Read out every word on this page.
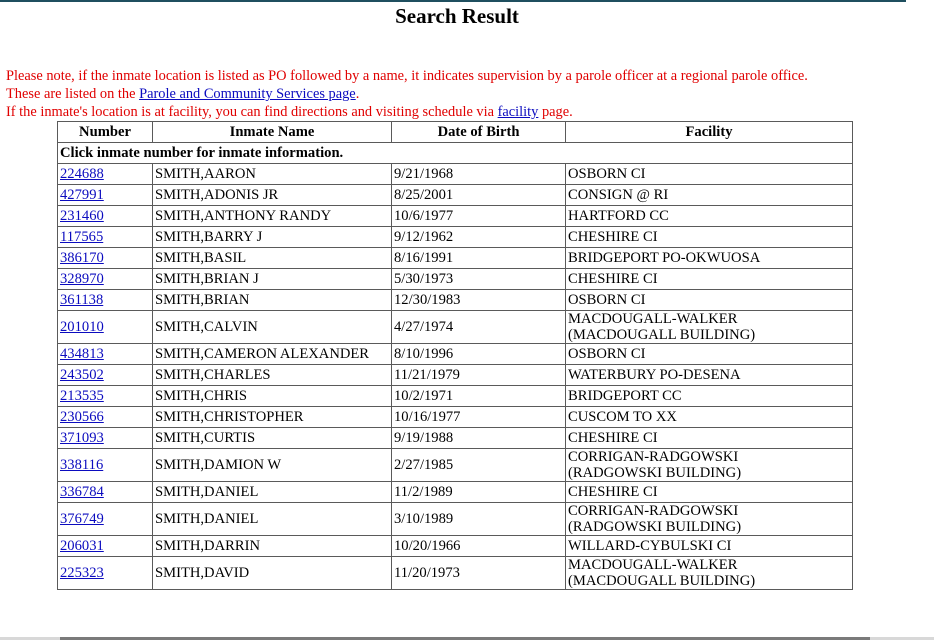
Search Result
Please note, if the inmate location is listed as PO followed by a name, it indicates supervision by a parole officer at a regional parole office.
These are listed on the Parole and Community Services page.
If the inmate's location is at facility, you can find directions and visiting schedule via facility page.
Number	Inmate Name	Date of Birth	Facility
Click inmate number for inmate information.			
224688	SMITH,AARON	9/21/1968	OSBORN CI

427991	SMITH,ADONIS JR	8/25/2001	CONSIGN @ RI

231460	SMITH,ANTHONY RANDY	10/6/1977	HARTFORD CC

117565	SMITH,BARRY J	9/12/1962	CHESHIRE CI

386170	SMITH,BASIL	8/16/1991	BRIDGEPORT PO-OKWUOSA

328970	SMITH,BRIAN J	5/30/1973	CHESHIRE CI

361138	SMITH,BRIAN	12/30/1983	OSBORN CI

201010	SMITH,CALVIN	4/27/1974	MACDOUGALL-WALKER
(MACDOUGALL BUILDING)

434813	SMITH,CAMERON ALEXANDER	8/10/1996	OSBORN CI

243502	SMITH,CHARLES	11/21/1979	WATERBURY PO-DESENA

213535	SMITH,CHRIS	10/2/1971	BRIDGEPORT CC

230566	SMITH,CHRISTOPHER	10/16/1977	CUSCOM TO XX

371093	SMITH,CURTIS	9/19/1988	CHESHIRE CI

338116	SMITH,DAMION W	2/27/1985	CORRIGAN-RADGOWSKI
(RADGOWSKI BUILDING)

336784	SMITH,DANIEL	11/2/1989	CHESHIRE CI

376749	SMITH,DANIEL	3/10/1989	CORRIGAN-RADGOWSKI
(RADGOWSKI BUILDING)

206031	SMITH,DARRIN	10/20/1966	WILLARD-CYBULSKI CI

225323	SMITH,DAVID	11/20/1973	MACDOUGALL-WALKER
(MACDOUGALL BUILDING)
